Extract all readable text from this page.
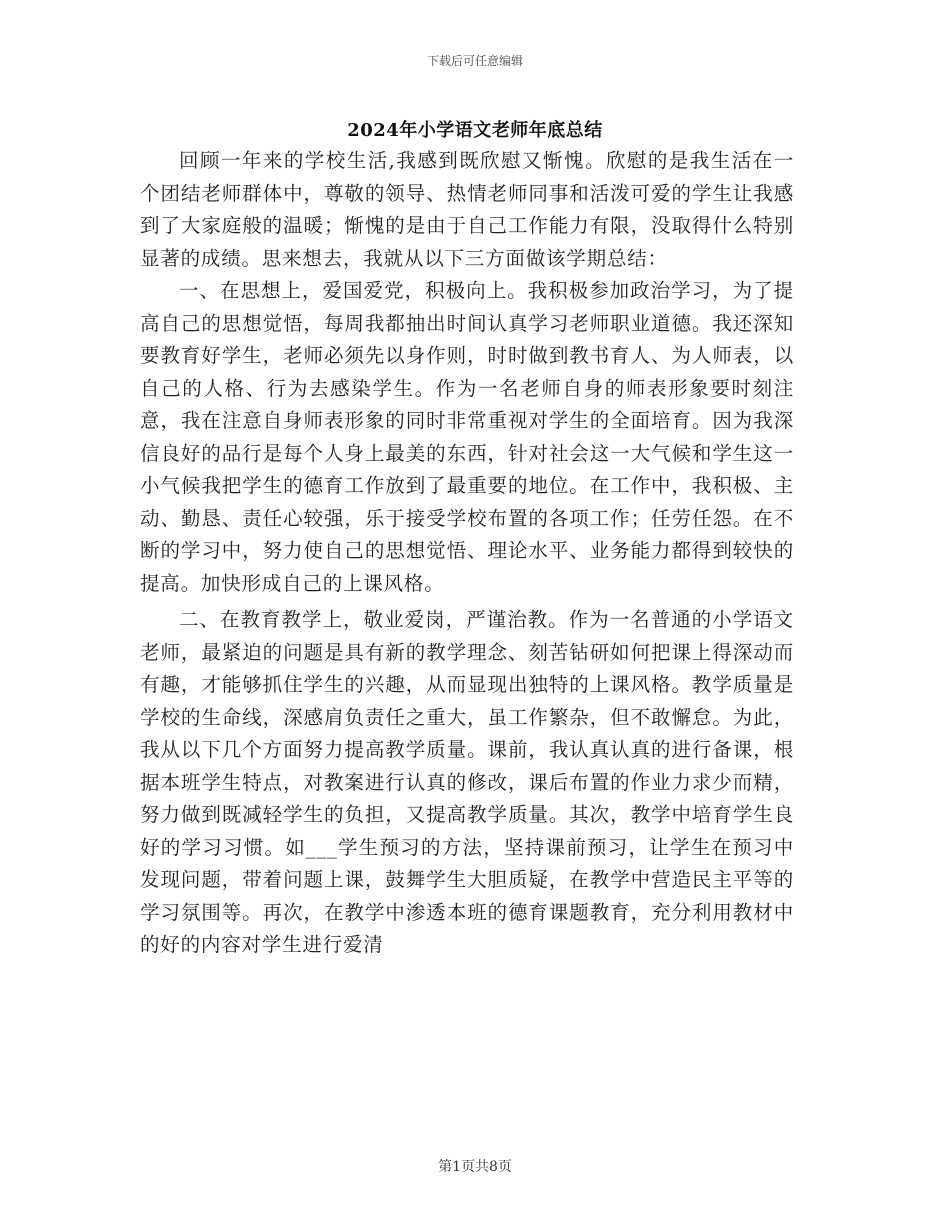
下载后可任意编辑
2024年小学语文老师年底总结

回顾一年来的学校生活,我感到既欣慰又惭愧。欣慰的是我生活在一个团结老师群体中，尊敬的领导、热情老师同事和活泼可爱的学生让我感到了大家庭般的温暖；惭愧的是由于自己工作能力有限，没取得什么特别显著的成绩。思来想去，我就从以下三方面做该学期总结：

一、在思想上，爱国爱党，积极向上。我积极参加政治学习，为了提高自己的思想觉悟，每周我都抽出时间认真学习老师职业道德。我还深知要教育好学生，老师必须先以身作则，时时做到教书育人、为人师表，以自己的人格、行为去感染学生。作为一名老师自身的师表形象要时刻注意，我在注意自身师表形象的同时非常重视对学生的全面培育。因为我深信良好的品行是每个人身上最美的东西，针对社会这一大气候和学生这一小气候我把学生的德育工作放到了最重要的地位。在工作中，我积极、主动、勤恳、责任心较强，乐于接受学校布置的各项工作；任劳任怨。在不断的学习中，努力使自己的思想觉悟、理论水平、业务能力都得到较快的提高。加快形成自己的上课风格。

二、在教育教学上，敬业爱岗，严谨治教。作为一名普通的小学语文老师，最紧迫的问题是具有新的教学理念、刻苦钻研如何把课上得深动而有趣，才能够抓住学生的兴趣，从而显现出独特的上课风格。教学质量是学校的生命线，深感肩负责任之重大，虽工作繁杂，但不敢懈怠。为此，我从以下几个方面努力提高教学质量。课前，我认真认真的进行备课，根据本班学生特点，对教案进行认真的修改，课后布置的作业力求少而精，努力做到既减轻学生的负担，又提高教学质量。其次，教学中培育学生良好的学习习惯。如___学生预习的方法，坚持课前预习，让学生在预习中发现问题，带着问题上课，鼓舞学生大胆质疑，在教学中营造民主平等的学习氛围等。再次，在教学中渗透本班的德育课题教育，充分利用教材中的好的内容对学生进行爱清

第1页共8页
